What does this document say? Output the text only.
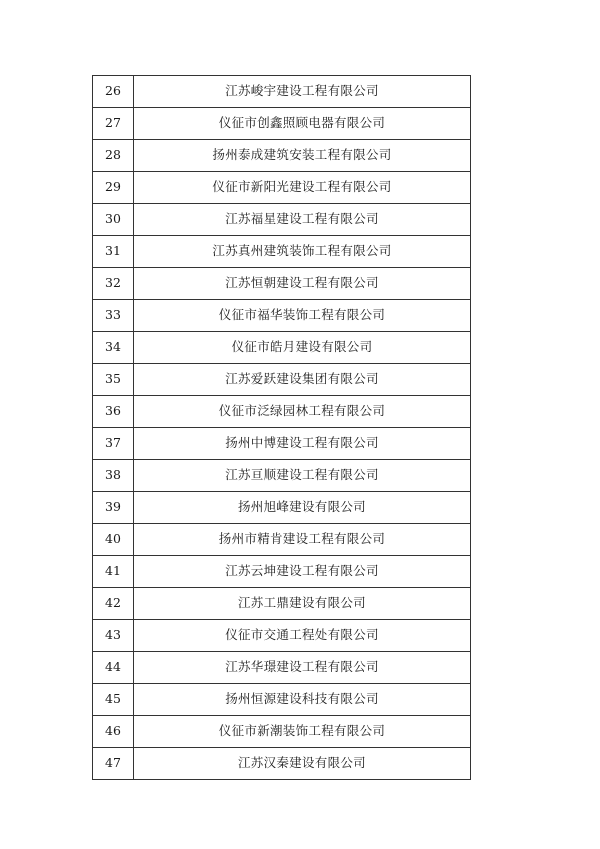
26	江苏峻宇建设工程有限公司
27	仪征市创鑫照顾电器有限公司
28	扬州泰成建筑安装工程有限公司
29	仪征市新阳光建设工程有限公司
30	江苏福星建设工程有限公司
31	江苏真州建筑装饰工程有限公司
32	江苏恒朝建设工程有限公司
33	仪征市福华装饰工程有限公司
34	仪征市皓月建设有限公司
35	江苏爱跃建设集团有限公司
36	仪征市泛绿园林工程有限公司
37	扬州中博建设工程有限公司
38	江苏亘顺建设工程有限公司
39	扬州旭峰建设有限公司
40	扬州市精肯建设工程有限公司
41	江苏云坤建设工程有限公司
42	江苏工鼎建设有限公司
43	仪征市交通工程处有限公司
44	江苏华璟建设工程有限公司
45	扬州恒源建设科技有限公司
46	仪征市新潮装饰工程有限公司
47	江苏汉秦建设有限公司
